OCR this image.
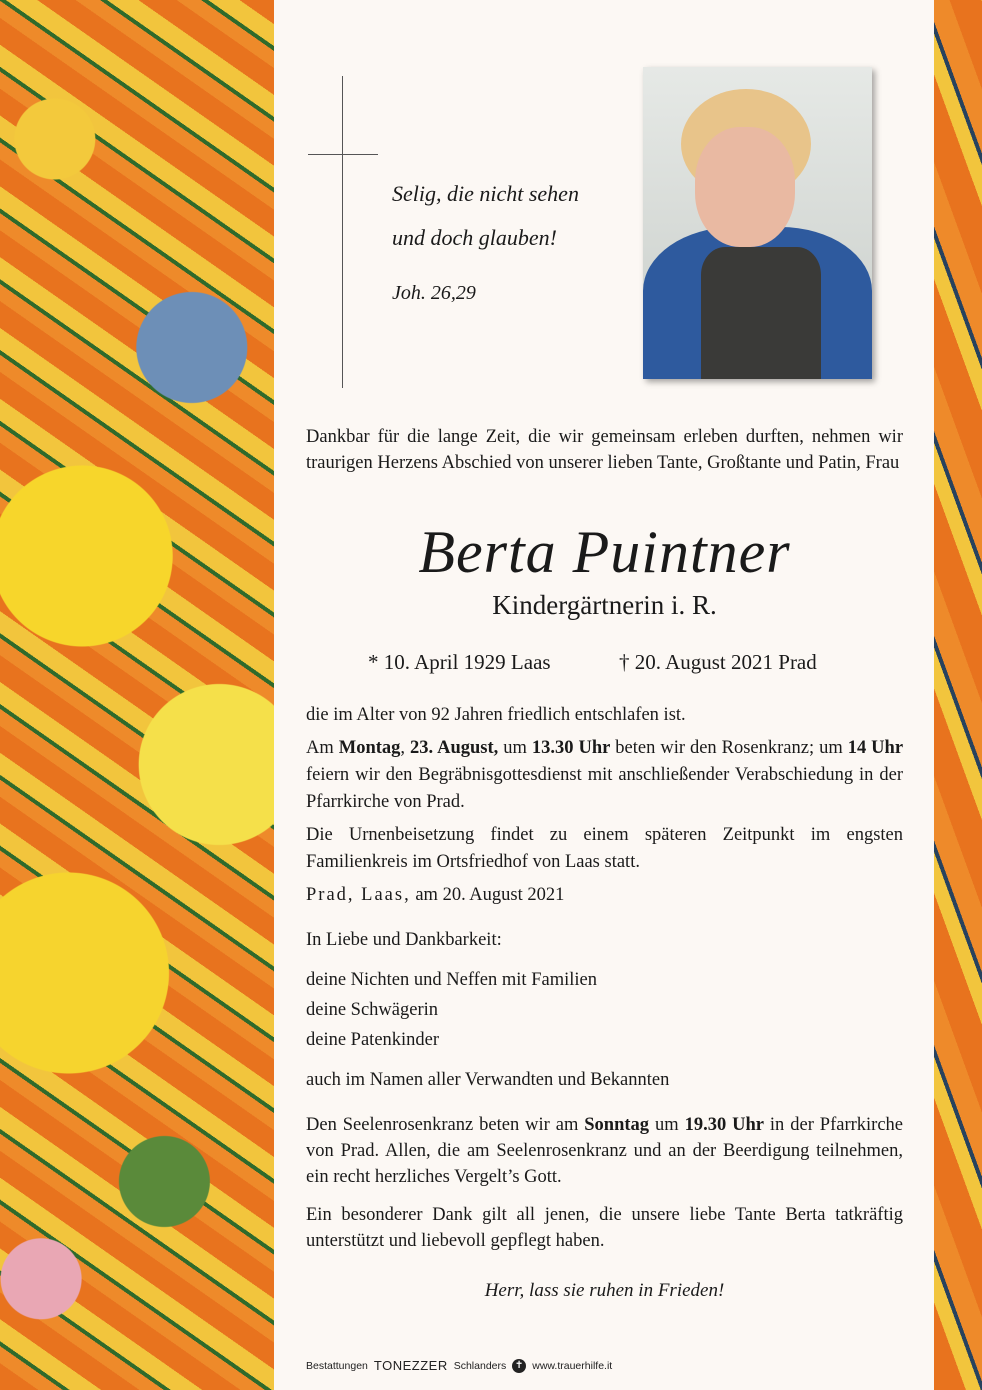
Selig, die nicht sehen
und doch glauben!
Joh. 26,29
Dankbar für die lange Zeit, die wir gemeinsam erleben durften, nehmen wir traurigen Herzens Abschied von unserer lieben Tante, Großtante und Patin, Frau
Berta Puintner
Kindergärtnerin i. R.
* 10. April 1929 Laas	† 20. August 2021 Prad

die im Alter von 92 Jahren friedlich entschlafen ist.

Am Montag, 23. August, um 13.30 Uhr beten wir den Rosenkranz; um 14 Uhr feiern wir den Begräbnisgottesdienst mit anschließender Verabschiedung in der Pfarrkirche von Prad.

Die Urnenbeisetzung findet zu einem späteren Zeitpunkt im engsten Familienkreis im Ortsfriedhof von Laas statt.

Prad, Laas, am 20. August 2021

In Liebe und Dankbarkeit:
deine Nichten und Neffen mit Familien
deine Schwägerin
deine Patenkinder
auch im Namen aller Verwandten und Bekannten

Den Seelenrosenkranz beten wir am Sonntag um 19.30 Uhr in der Pfarrkirche von Prad. Allen, die am Seelenrosenkranz und an der Beerdigung teilnehmen, ein recht herzliches Vergelt’s Gott.

Ein besonderer Dank gilt all jenen, die unsere liebe Tante Berta tatkräftig unterstützt und liebevoll gepflegt haben.

Herr, lass sie ruhen in Frieden!
Bestattungen TONEZZER Schlanders ✝ www.trauerhilfe.it
